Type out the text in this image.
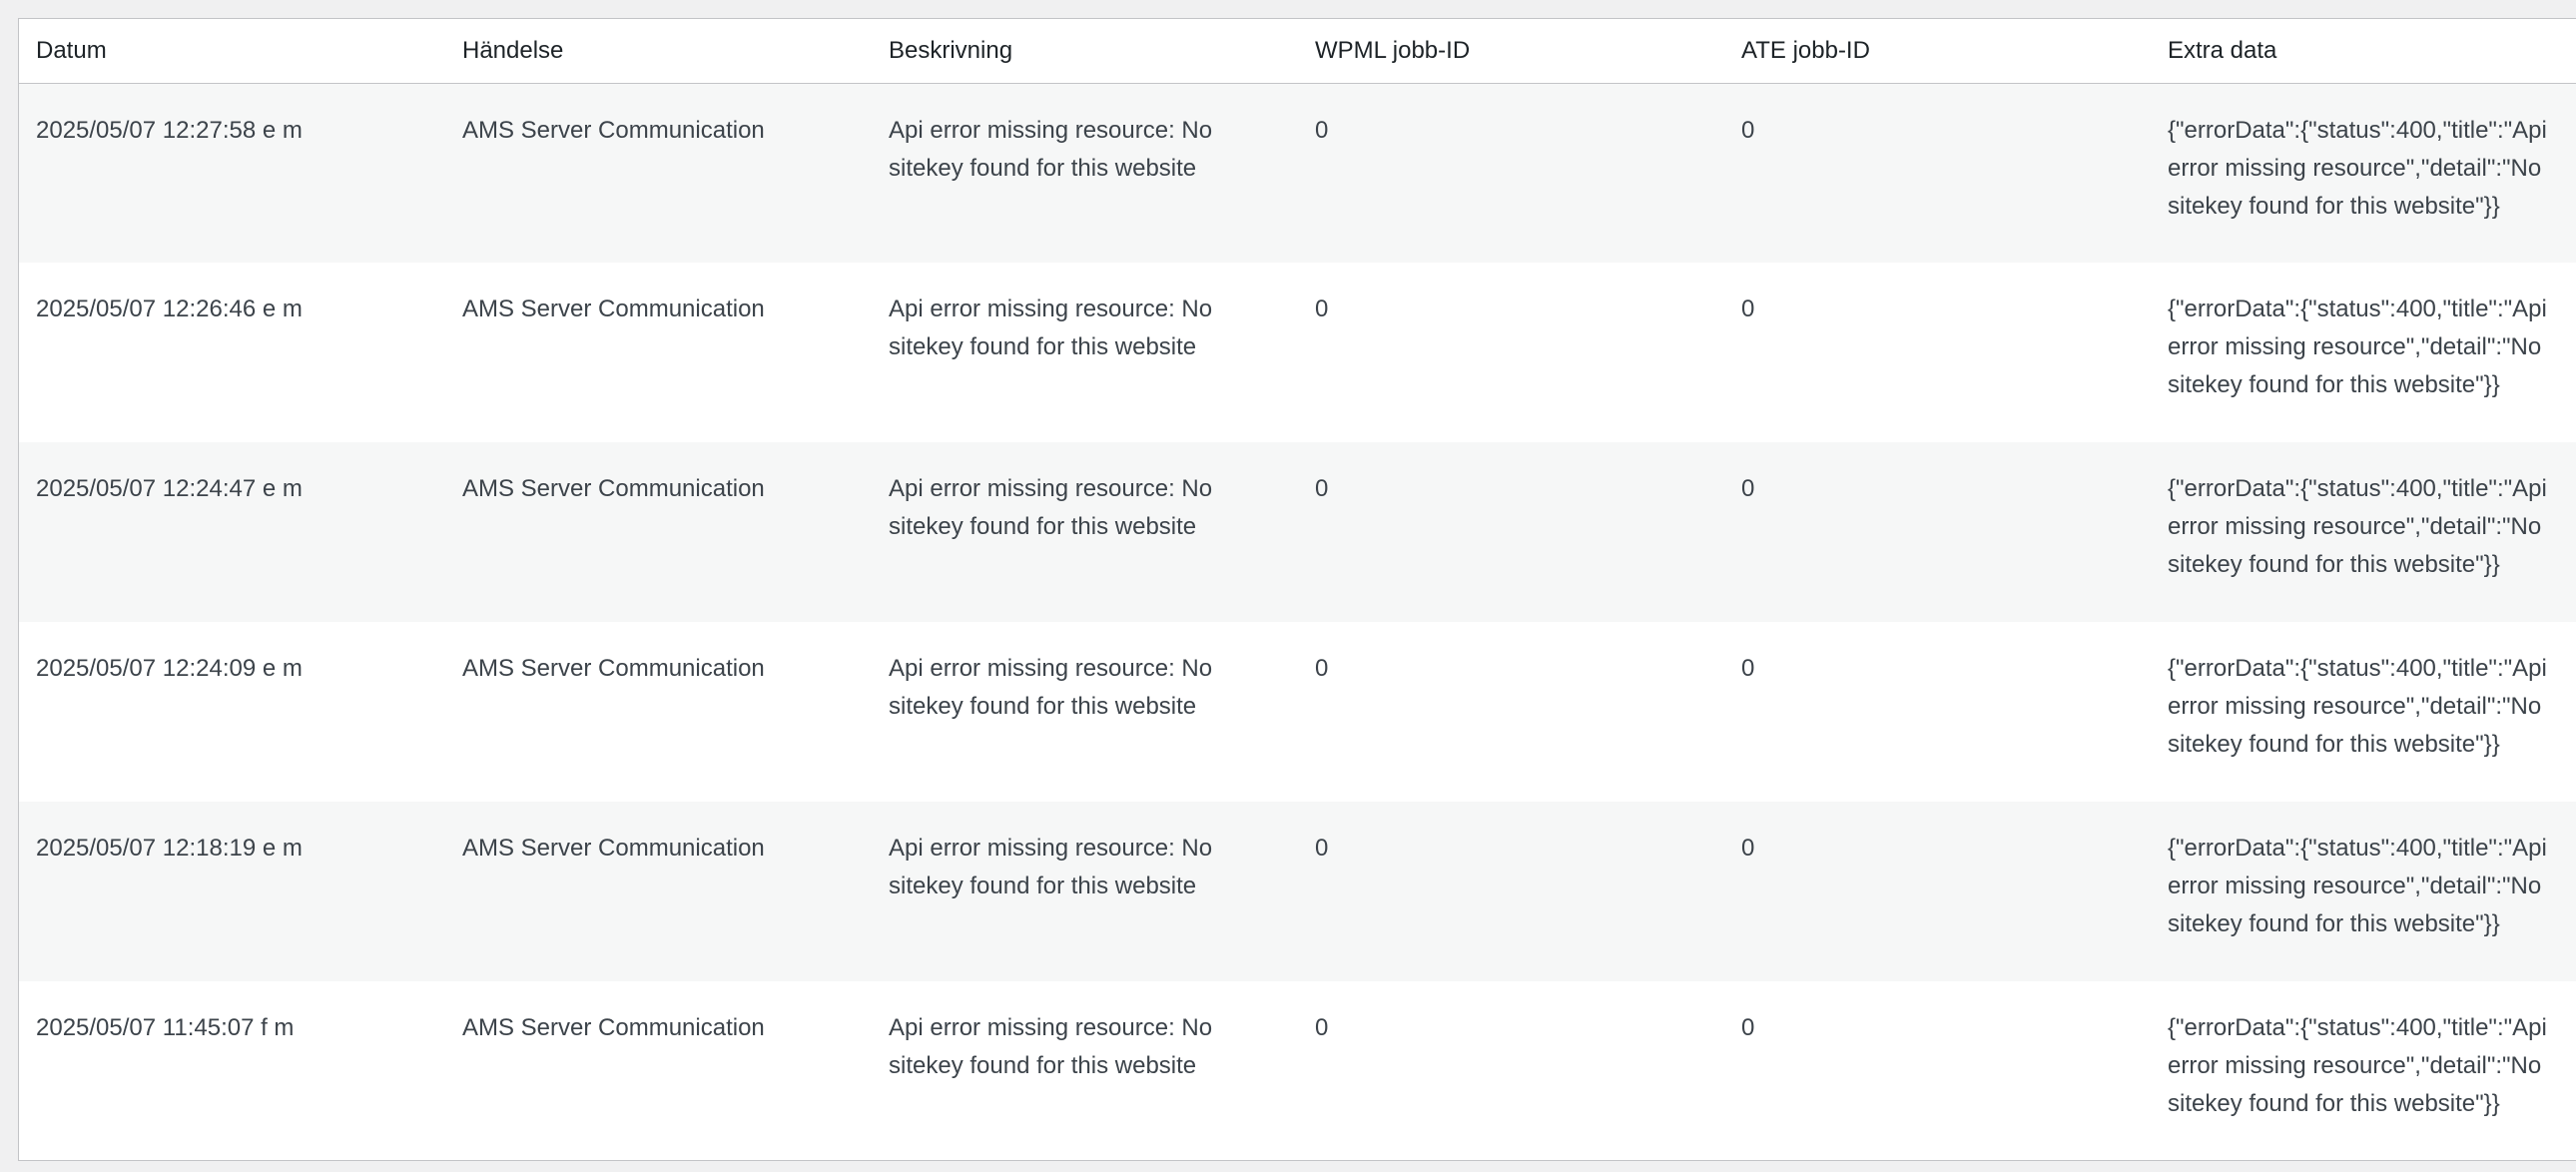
Datum	Händelse	Beskrivning	WPML jobb-ID	ATE jobb-ID	Extra data
2025/05/07 12:27:58 e m	AMS Server Communication	Api error missing resource: No sitekey found for this website	0	0	{"errorData":{"status":400,"title":"Api error missing resource","detail":"No sitekey found for this website"}}
2025/05/07 12:26:46 e m	AMS Server Communication	Api error missing resource: No sitekey found for this website	0	0	{"errorData":{"status":400,"title":"Api error missing resource","detail":"No sitekey found for this website"}}
2025/05/07 12:24:47 e m	AMS Server Communication	Api error missing resource: No sitekey found for this website	0	0	{"errorData":{"status":400,"title":"Api error missing resource","detail":"No sitekey found for this website"}}
2025/05/07 12:24:09 e m	AMS Server Communication	Api error missing resource: No sitekey found for this website	0	0	{"errorData":{"status":400,"title":"Api error missing resource","detail":"No sitekey found for this website"}}
2025/05/07 12:18:19 e m	AMS Server Communication	Api error missing resource: No sitekey found for this website	0	0	{"errorData":{"status":400,"title":"Api error missing resource","detail":"No sitekey found for this website"}}
2025/05/07 11:45:07 f m	AMS Server Communication	Api error missing resource: No sitekey found for this website	0	0	{"errorData":{"status":400,"title":"Api error missing resource","detail":"No sitekey found for this website"}}
